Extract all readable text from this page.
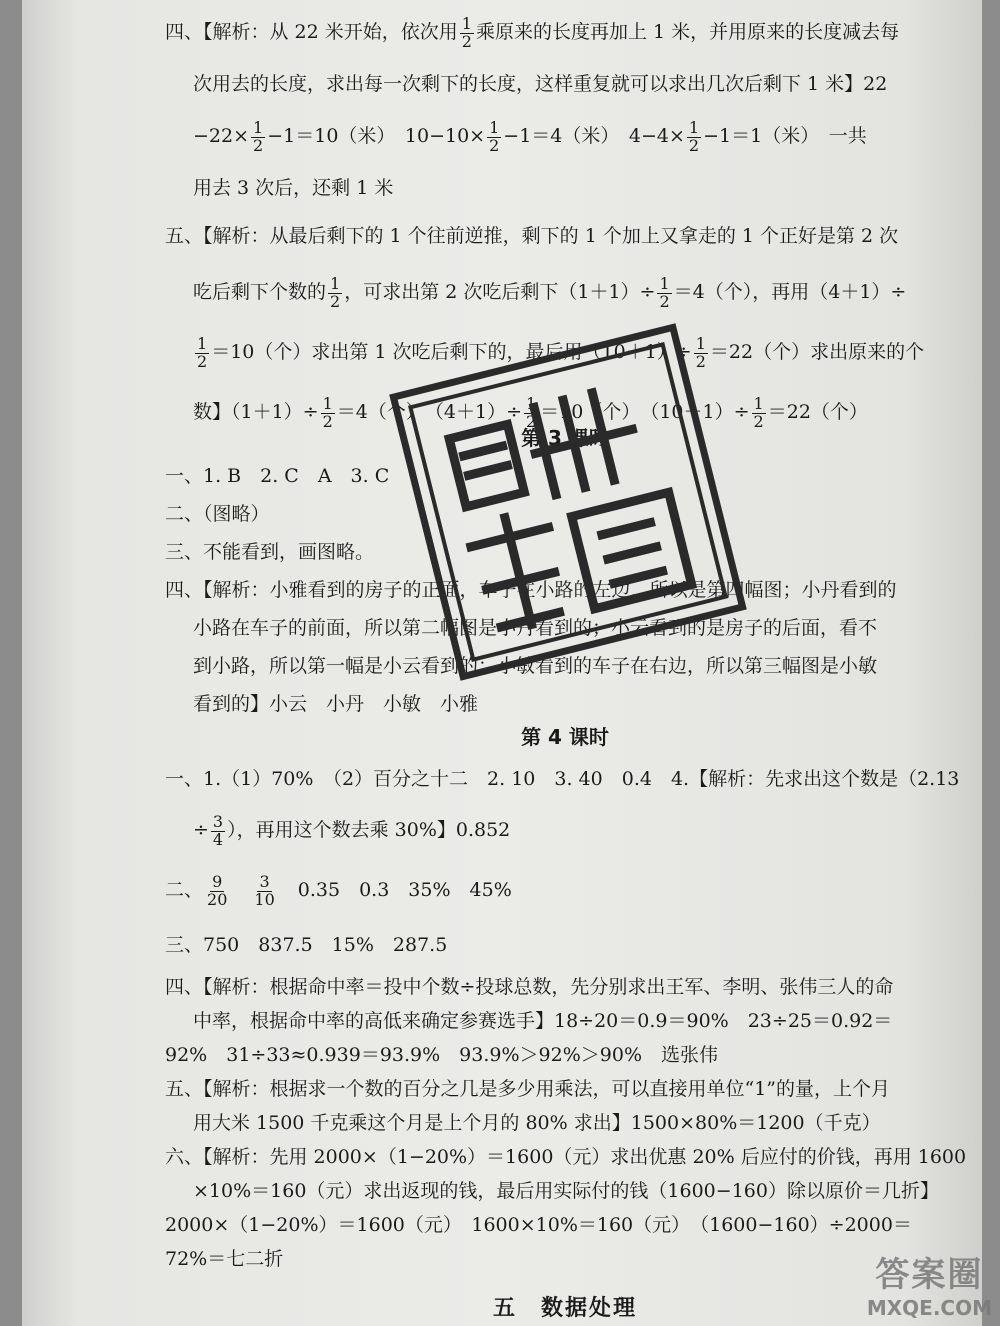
四、【解析：从 22 米开始，依次用 $\frac{1}{2}$ 乘原来的长度再加上 1 米，并用原来的长度减去每
次用去的长度，求出每一次剩下的长度，这样重复就可以求出几次后剩下 1 米】22
$-22\times \frac{1}{2} -1=10$（米）　$10-10\times \frac{1}{2} -1=4$（米）　$4-4\times \frac{1}{2} -1=1$（米）　一共
用去 3 次后，还剩 1 米
五、【解析：从最后剩下的 1 个往前逆推，剩下的 1 个加上又拿走的 1 个正好是第 2 次
吃后剩下个数的 $\frac{1}{2}$ ，可求出第 2 次吃后剩下$(1+1)\div \frac{1}{2} =4$（个），再用（4＋1）÷
$\frac{1}{2} =10$（个）求出第 1 次吃后剩下的，最后用$(10+1)\div \frac{1}{2} =22$（个）求出原来的个
数】$(1+1)\div \frac{1}{2} =4$（个）　$(4+1)\div \frac{1}{2} =10$（个）　$(10+1)\div \frac{1}{2} =22$（个）
第 3 课时
一、1. B　2. C　A　3. C
二、（图略）
三、不能看到，画图略。
四、【解析：小雅看到的房子的正面，车子在小路的左边，所以是第四幅图；小丹看到的
小路在车子的前面，所以第二幅图是小丹看到的；小云看到的是房子的后面，看不
到小路，所以第一幅是小云看到的；小敏看到的车子在右边，所以第三幅图是小敏
看到的】小云　小丹　小敏　小雅
第 4 课时
一、1.（1）70%　（2）百分之十二　2. 10　3. 40　0.4　4.【解析：先求出这个数是（2.13
÷ $\frac{3}{4}$ ），再用这个数去乘 30%】0.852
二、 $\frac{9}{20}$
　 $\frac{3}{10}$
　 0.35　0.3　35%　45%
三、750　837.5　15%　287.5
四、【解析：根据命中率＝投中个数÷投球总数，先分别求出王军、李明、张伟三人的命
中率，根据命中率的高低来确定参赛选手】18÷20＝0.9＝90%　23÷25＝0.92＝
92%　31÷33≈0.939＝93.9%　93.9%＞92%＞90%　选张伟
五、【解析：根据求一个数的百分之几是多少用乘法，可以直接用单位“1”的量，上个月
用大米 1500 千克乘这个月是上个月的 80% 求出】1500×80%＝1200（千克）
六、【解析：先用 2000×（1−20%）＝1600（元）求出优惠 20% 后应付的价钱，再用 1600
×10%＝160（元）求出返现的钱，最后用实际付的钱（1600−160）除以原价＝几折】
2000×（1−20%）＝1600（元）　1600×10%＝160（元）　（1600−160）÷2000＝
72%＝七二折
五　数据处理
答案圈
MXQE.COM
